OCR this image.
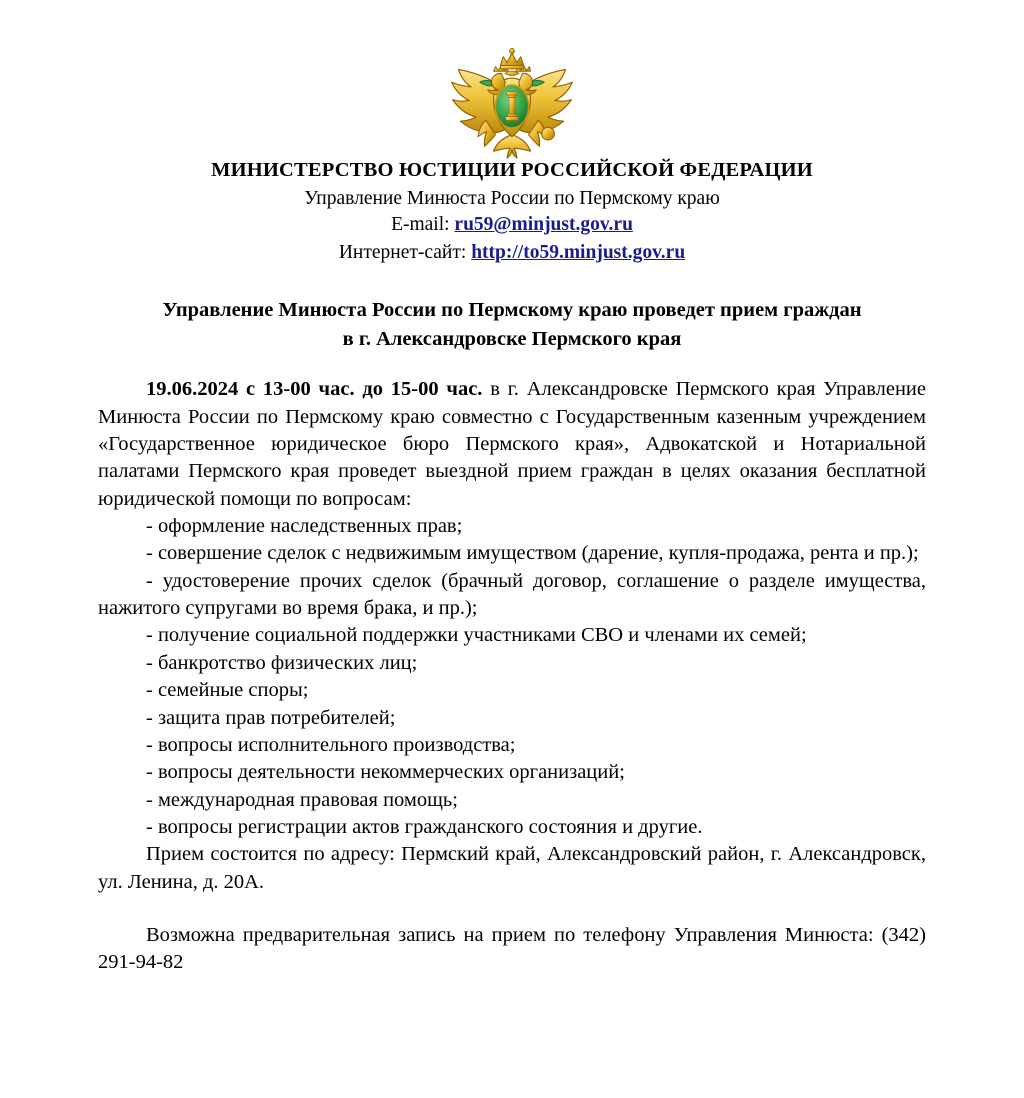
МИНИСТЕРСТВО ЮСТИЦИИ РОССИЙСКОЙ ФЕДЕРАЦИИ
Управление Минюста России по Пермскому краю
E-mail: ru59@minjust.gov.ru
Интернет-сайт: http://to59.minjust.gov.ru
Управление Минюста России по Пермскому краю проведет прием граждан
в г. Александровске Пермского края

19.06.2024 с 13-00 час. до 15-00 час. в г. Александровске Пермского края Управление Минюста России по Пермскому краю совместно с Государственным казенным учреждением «Государственное юридическое бюро Пермского края», Адвокатской и Нотариальной палатами Пермского края проведет выездной прием граждан в целях оказания бесплатной юридической помощи по вопросам:

- оформление наследственных прав;
- совершение сделок с недвижимым имуществом (дарение, купля-продажа, рента и пр.);
- удостоверение прочих сделок (брачный договор, соглашение о разделе имущества, нажитого супругами во время брака, и пр.);
- получение социальной поддержки участниками СВО и членами их семей;
- банкротство физических лиц;
- семейные споры;
- защита прав потребителей;
- вопросы исполнительного производства;
- вопросы деятельности некоммерческих организаций;
- международная правовая помощь;
- вопросы регистрации актов гражданского состояния и другие.

Прием состоится по адресу: Пермский край, Александровский район, г. Александровск, ул. Ленина, д. 20А.

Возможна предварительная запись на прием по телефону Управления Минюста: (342) 291-94-82
